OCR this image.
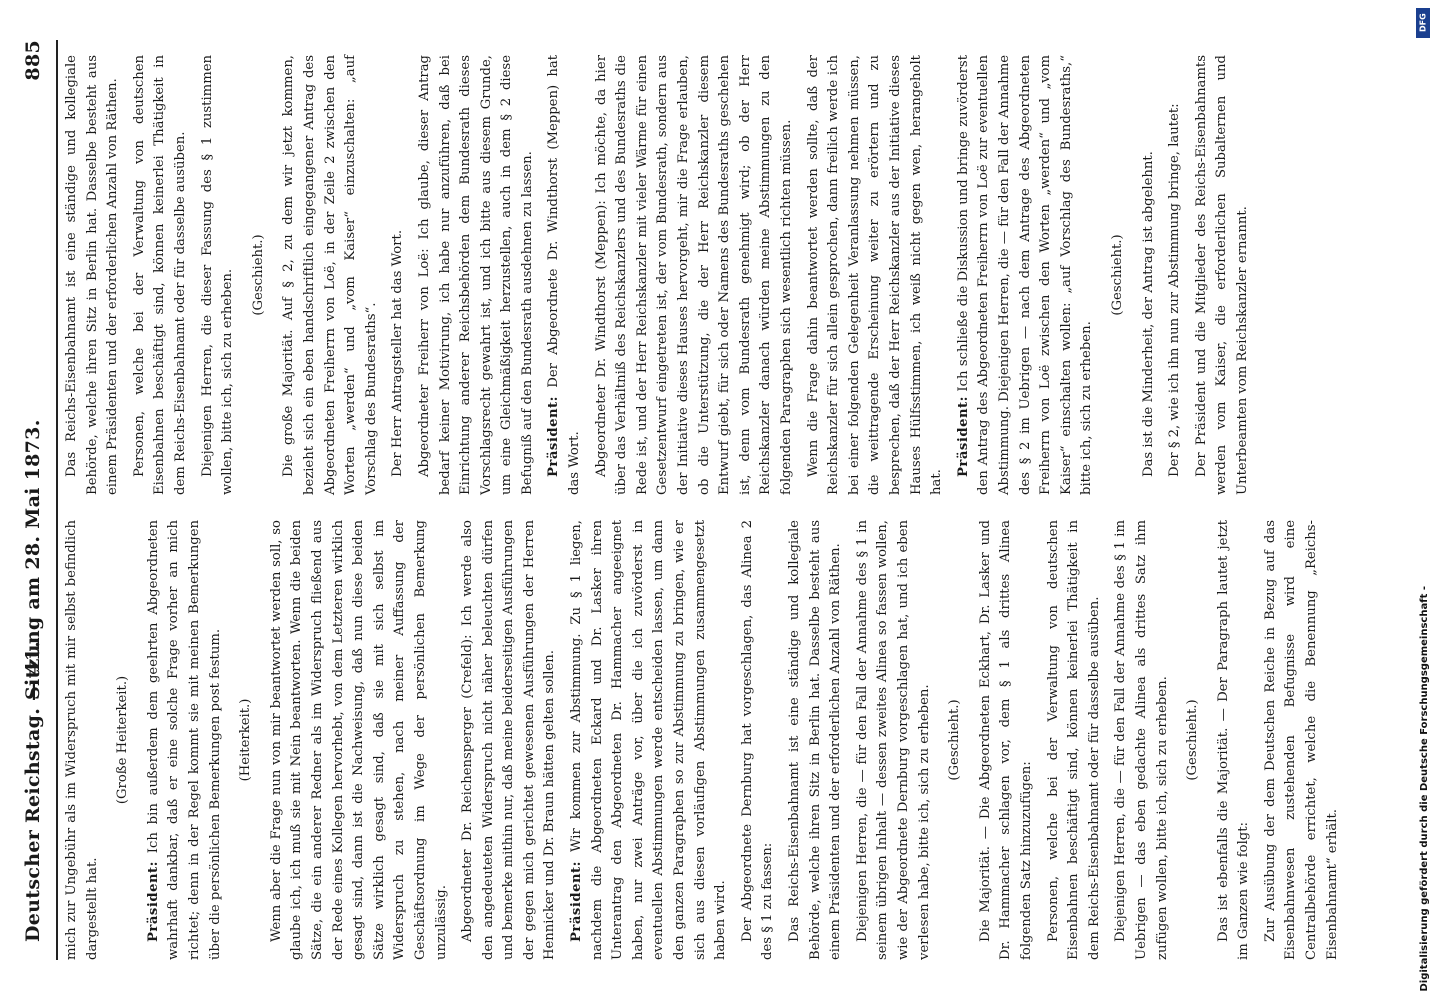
Deutscher Reichstag. — 41.
Sitzung am 28. Mai 1873.
885

mich zur Ungebühr als im Widerspruch mit mir selbst befindlich dargestellt hat.

(Große Heiterkeit.)

Präsident: Ich bin außerdem dem geehrten Abgeordneten wahrhaft dankbar, daß er eine solche Frage vorher an mich richtet; denn in der Regel kommt sie mit meinen Bemerkungen über die persönlichen Bemerkungen post festum. (Heiterkeit.) Wenn aber die Frage nun von mir beantwortet werden soll, so glaube ich, ich muß sie mit Nein beantworten. Wenn die beiden Sätze, die ein anderer Redner als im Widerspruch fließend aus der Rede eines Kollegen hervorhebt, von dem Letzteren wirklich gesagt sind, dann ist die Nachweisung, daß nun diese beiden Sätze wirklich gesagt sind, daß sie mit sich selbst im Widerspruch zu stehen, nach meiner Auffassung der Geschäftsordnung im Wege der persönlichen Bemerkung unzulässig. Abgeordneter Dr. Reichensperger (Crefeld): Ich werde also den angedeuteten Widerspruch nicht näher beleuchten dürfen und bemerke mithin nur, daß meine beiderseitigen Ausführungen der gegen mich gerichtet gewesenen Ausführungen der Herren Hennicker und Dr. Braun hätten gelten sollen. Präsident: Wir kommen zur Abstimmung. Zu § 1 liegen, nachdem die Abgeordneten Eckard und Dr. Lasker ihren Unterantrag den Abgeordneten Dr. Hammacher angeeignet haben, nur zwei Anträge vor, über die ich zuvörderst in eventuellen Abstimmungen werde entscheiden lassen, um dann den ganzen Paragraphen so zur Abstimmung zu bringen, wie er sich aus diesen vorläufigen Abstimmungen zusammengesetzt haben wird. Der Abgeordnete Dernburg hat vorgeschlagen, das Alinea 2 des § 1 zu fassen: Das Reichs-Eisenbahnamt ist eine ständige und kollegiale Behörde, welche ihren Sitz in Berlin hat. Dasselbe besteht aus einem Präsidenten und der erforderlichen Anzahl von Räthen. Diejenigen Herren, die — für den Fall der Annahme des § 1 in seinem übrigen Inhalt — dessen zweites Alinea so fassen wollen, wie der Abgeordnete Dernburg vorgeschlagen hat, und ich eben verlesen habe, bitte ich, sich zu erheben. (Geschieht.) Die Majorität. — Die Abgeordneten Eckhart, Dr. Lasker und Dr. Hammacher schlagen vor, dem § 1 als drittes Alinea folgenden Satz hinzuzufügen: Personen, welche bei der Verwaltung von deutschen Eisenbahnen beschäftigt sind, können keinerlei Thätigkeit in dem Reichs-Eisenbahnamt oder für dasselbe ausüben. Diejenigen Herren, die — für den Fall der Annahme des § 1 im Uebrigen — das eben gedachte Alinea als drittes Satz ihm zufügen wollen, bitte ich, sich zu erheben. (Geschieht.) Das ist ebenfalls die Majorität. — Der Paragraph lautet jetzt im Ganzen wie folgt: Zur Ausübung der dem Deutschen Reiche in Bezug auf das Eisenbahnwesen zustehenden Befugnisse wird eine Centralbehörde errichtet, welche die Benennung „Reichs-Eisenbahnamt“ erhält.

Das Reichs-Eisenbahnamt ist eine ständige und kollegiale Behörde, welche ihren Sitz in Berlin hat. Dasselbe besteht aus einem Präsidenten und der erforderlichen Anzahl von Räthen. Personen, welche bei der Verwaltung von deutschen Eisenbahnen beschäftigt sind, können keinerlei Thätigkeit in dem Reichs-Eisenbahnamt oder für dasselbe ausüben. Diejenigen Herren, die dieser Fassung des § 1 zustimmen wollen, bitte ich, sich zu erheben. (Geschieht.) Die große Majorität. Auf § 2, zu dem wir jetzt kommen, bezieht sich ein eben handschriftlich eingegangener Antrag des Abgeordneten Freiherrn von Loë, in der Zeile 2 zwischen den Worten „werden“ und „vom Kaiser“ einzuschalten: „auf Vorschlag des Bundesraths“. Der Herr Antragsteller hat das Wort. Abgeordneter Freiherr von Loë: Ich glaube, dieser Antrag bedarf keiner Motivirung, ich habe nur anzuführen, daß bei Einrichtung anderer Reichsbehörden dem Bundesrath dieses Vorschlagsrecht gewahrt ist, und ich bitte aus diesem Grunde, um eine Gleichmäßigkeit herzustellen, auch in dem § 2 diese Befugniß auf den Bundesrath ausdehnen zu lassen. Präsident: Der Abgeordnete Dr. Windthorst (Meppen) hat das Wort. Abgeordneter Dr. Windthorst (Meppen): Ich möchte, da hier über das Verhältniß des Reichskanzlers und des Bundesraths die Rede ist, und der Herr Reichskanzler mit vieler Wärme für einen Gesetzentwurf eingetreten ist, der vom Bundesrath, sondern aus der Initiative dieses Hauses hervorgeht, mir die Frage erlauben, ob die Unterstützung, die der Herr Reichskanzler diesem Entwurf giebt, für sich oder Namens des Bundesraths geschehen ist, denn vom Bundesrath genehmigt wird; ob der Herr Reichskanzler danach würden meine Abstimmungen zu den folgenden Paragraphen sich wesentlich richten müssen. Wenn die Frage dahin beantwortet werden sollte, daß der Reichskanzler für sich allein gesprochen, dann freilich werde ich bei einer folgenden Gelegenheit Veranlassung nehmen müssen, die weittragende Erscheinung weiter zu erörtern und zu besprechen, daß der Herr Reichskanzler aus der Initiative dieses Hauses Hülfsstimmen, ich weiß nicht gegen wen, herangeholt hat.

Präsident: Ich schließe die Diskussion und bringe zuvörderst den Antrag des Abgeordneten Freiherrn von Loë zur eventuellen Abstimmung. Diejenigen Herren, die — für den Fall der Annahme des § 2 im Uebrigen — nach dem Antrage des Abgeordneten Freiherrn von Loë zwischen den Worten „werden“ und „vom Kaiser“ einschalten wollen: „auf Vorschlag des Bundesraths,“ bitte ich, sich zu erheben.

(Geschieht.) Das ist die Minderheit, der Antrag ist abgelehnt. Der § 2, wie ich ihn nun zur Abstimmung bringe, lautet: Der Präsident und die Mitglieder des Reichs-Eisenbahnamts werden vom Kaiser, die erforderlichen Subalternen und Unterbeamten vom Reichskanzler ernannt.

DFG
Digitalisierung gefördert durch die Deutsche Forschungsgemeinschaft -
